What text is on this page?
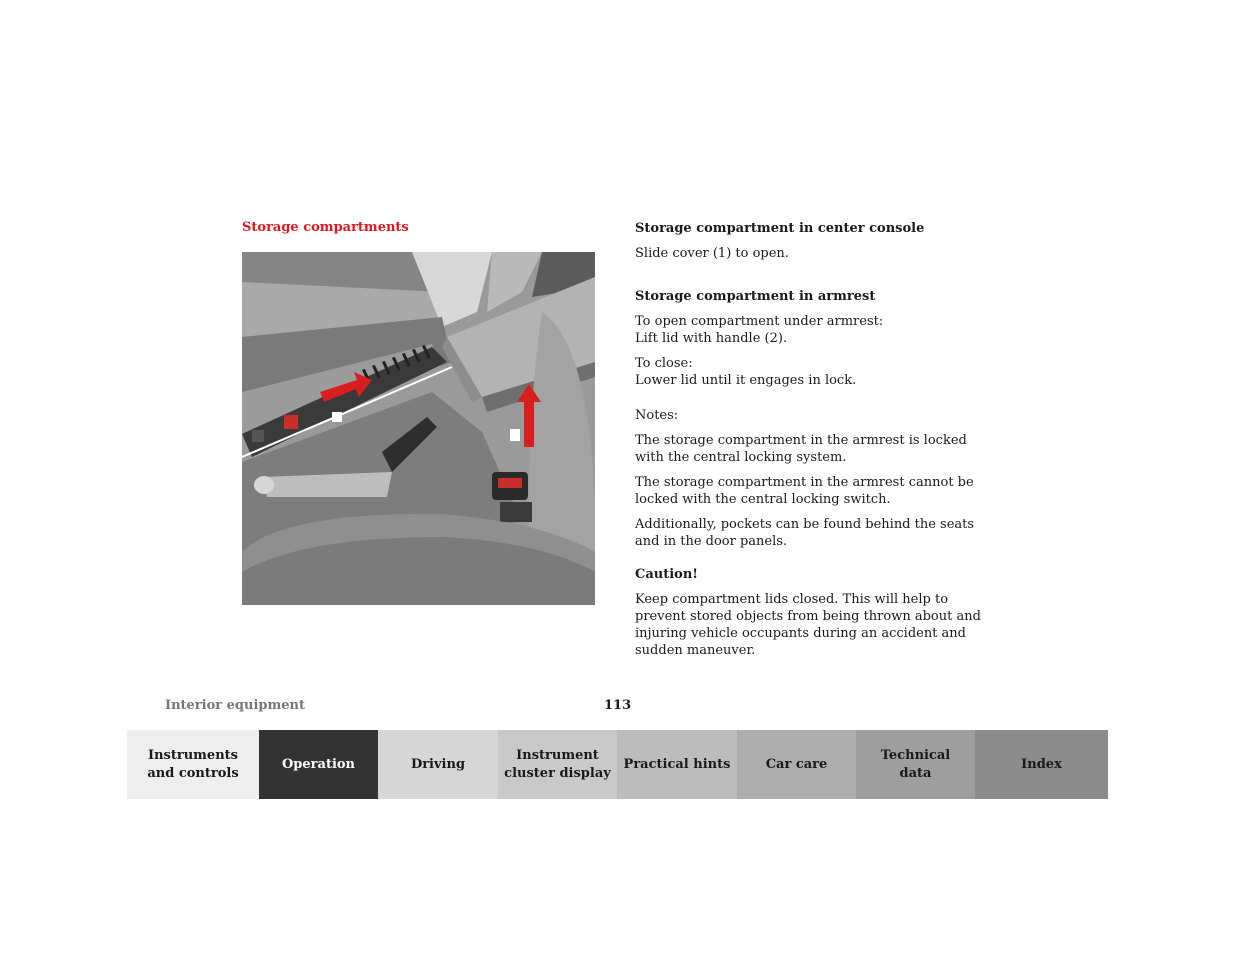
Storage compartments	Storage compartment in center console

Slide cover (1) to open.

Storage compartment in armrest

To open compartment under armrest:
Lift lid with handle (2).

To close:
Lower lid until it engages in lock.

Notes:

The storage compartment in the armrest is locked with the central locking system.

The storage compartment in the armrest cannot be locked with the central locking switch.

Additionally, pockets can be found behind the seats and in the door panels.

Caution!

Keep compartment lids closed. This will help to prevent stored objects from being thrown about and injuring vehicle occupants during an accident and sudden maneuver.

Interior equipment	113
Instruments
and controls
Operation	Driving
Instrument
cluster display
Practical hints	Car care
Technical
data
Index
